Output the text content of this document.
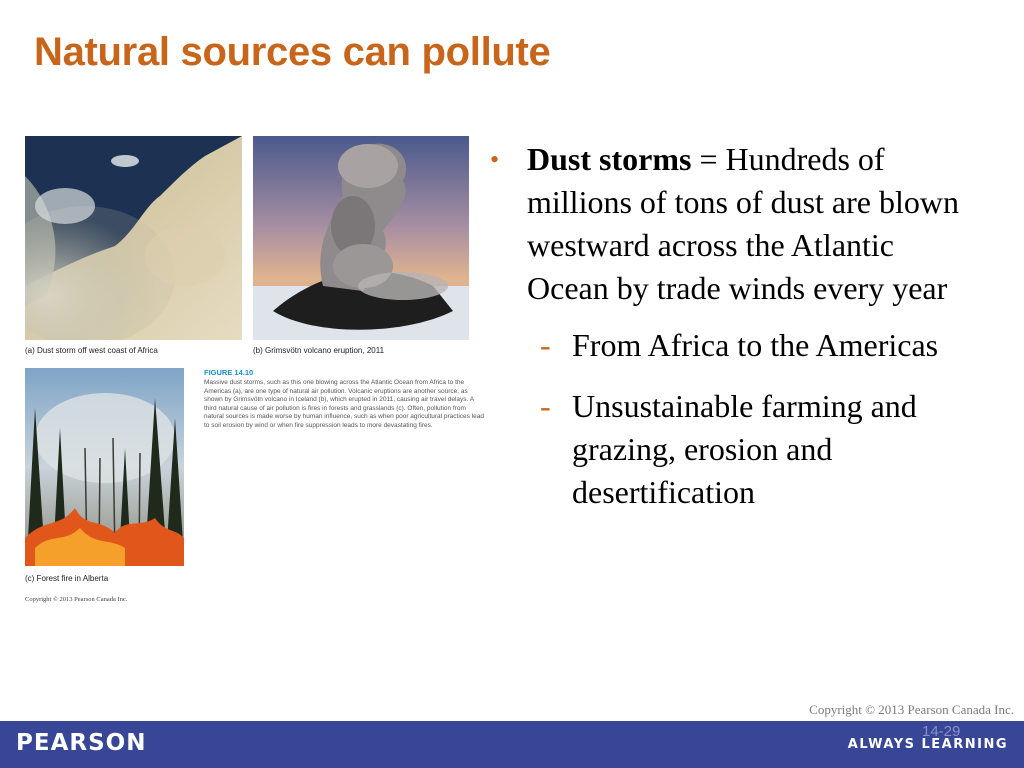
Natural sources can pollute
(a) Dust storm off west coast of Africa	(b) Grimsvötn volcano eruption, 2011
(c) Forest fire in Alberta
FIGURE 14.10
Massive dust storms, such as this one blowing across the Atlantic Ocean from Africa to the Americas (a), are one type of natural air pollution. Volcanic eruptions are another source, as shown by Grimsvötn volcano in Iceland (b), which erupted in 2011, causing air travel delays. A third natural cause of air pollution is fires in forests and grasslands (c). Often, pollution from natural sources is made worse by human influence, such as when poor agricultural practices lead to soil erosion by wind or when fire suppression leads to more devastating fires.
Copyright © 2013 Pearson Canada Inc.
• Dust storms = Hundreds of millions of tons of dust are blown westward across the Atlantic Ocean by trade winds every year
- From Africa to the Americas
- Unsustainable farming and grazing, erosion and desertification
Copyright © 2013 Pearson Canada Inc.
PEARSON	14-29
ALWAYS LEARNING
